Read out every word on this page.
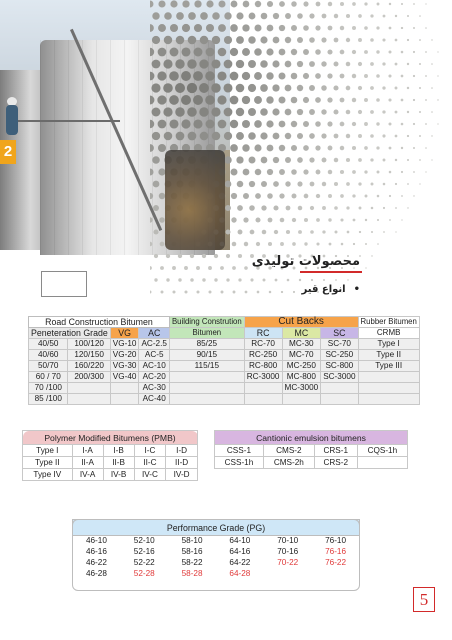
2
محصولات تولیدی
•انواع قیر
Road Construction Bitumen				Building Constrution	Cut Backs			Rubber Bitumen
Peneteration Grade		VG	AC	Bitumen	RC	MC	SC	CRMB
40/50	100/120	VG-10	AC-2.5	85/25	RC-70	MC-30	SC-70	Type I
40/60	120/150	VG-20	AC-5	90/15	RC-250	MC-70	SC-250	Type II
50/70	160/220	VG-30	AC-10	115/15	RC-800	MC-250	SC-800	Type III
60 / 70	200/300	VG-40	AC-20		RC-3000	MC-800	SC-3000	
70 /100			AC-30			MC-3000		
85 /100			AC-40					
Polymer Modified Bitumens (PMB)				
Type I	I-A	I-B	I-C	I-D
Type II	II-A	II-B	II-C	II-D
Type IV	IV-A	IV-B	IV-C	IV-D
Cantionic emulsion bitumens			
CSS-1	CMS-2	CRS-1	CQS-1h
CSS-1h	CMS-2h	CRS-2	
Performance Grade (PG)					
46-10	52-10	58-10	64-10	70-10	76-10
46-16	52-16	58-16	64-16	70-16	76-16
46-22	52-22	58-22	64-22	70-22	76-22
46-28	52-28	58-28	64-28		
5
